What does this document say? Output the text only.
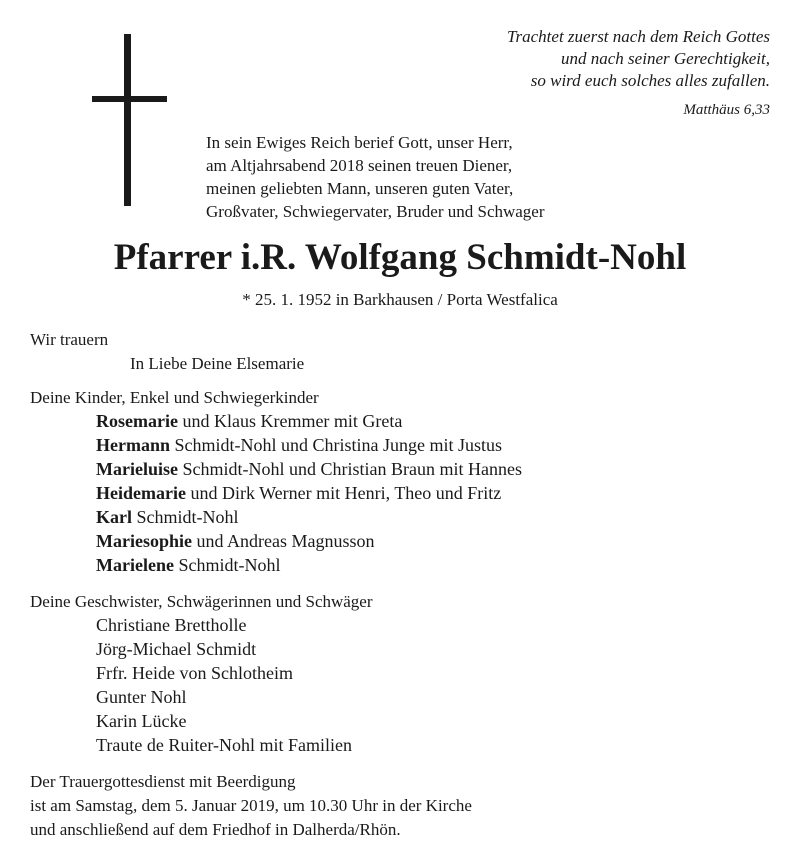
Trachtet zuerst nach dem Reich Gottes
und nach seiner Gerechtigkeit,
so wird euch solches alles zufallen.
Matthäus 6,33
In sein Ewiges Reich berief Gott, unser Herr,
am Altjahrsabend 2018 seinen treuen Diener,
meinen geliebten Mann, unseren guten Vater,
Großvater, Schwiegervater, Bruder und Schwager
Pfarrer i.R. Wolfgang Schmidt-Nohl
* 25. 1. 1952 in Barkhausen / Porta Westfalica
Wir trauern
In Liebe Deine Elsemarie
Deine Kinder, Enkel und Schwiegerkinder
Rosemarie und Klaus Kremmer mit Greta
Hermann Schmidt-Nohl und Christina Junge mit Justus
Marieluise Schmidt-Nohl und Christian Braun mit Hannes
Heidemarie und Dirk Werner mit Henri, Theo und Fritz
Karl Schmidt-Nohl
Mariesophie und Andreas Magnusson
Marielene Schmidt-Nohl
Deine Geschwister, Schwägerinnen und Schwäger
Christiane Brettholle
Jörg-Michael Schmidt
Frfr. Heide von Schlotheim
Gunter Nohl
Karin Lücke
Traute de Ruiter-Nohl mit Familien
Der Trauergottesdienst mit Beerdigung
ist am Samstag, dem 5. Januar 2019, um 10.30 Uhr in der Kirche
und anschließend auf dem Friedhof in Dalherda/Rhön.
